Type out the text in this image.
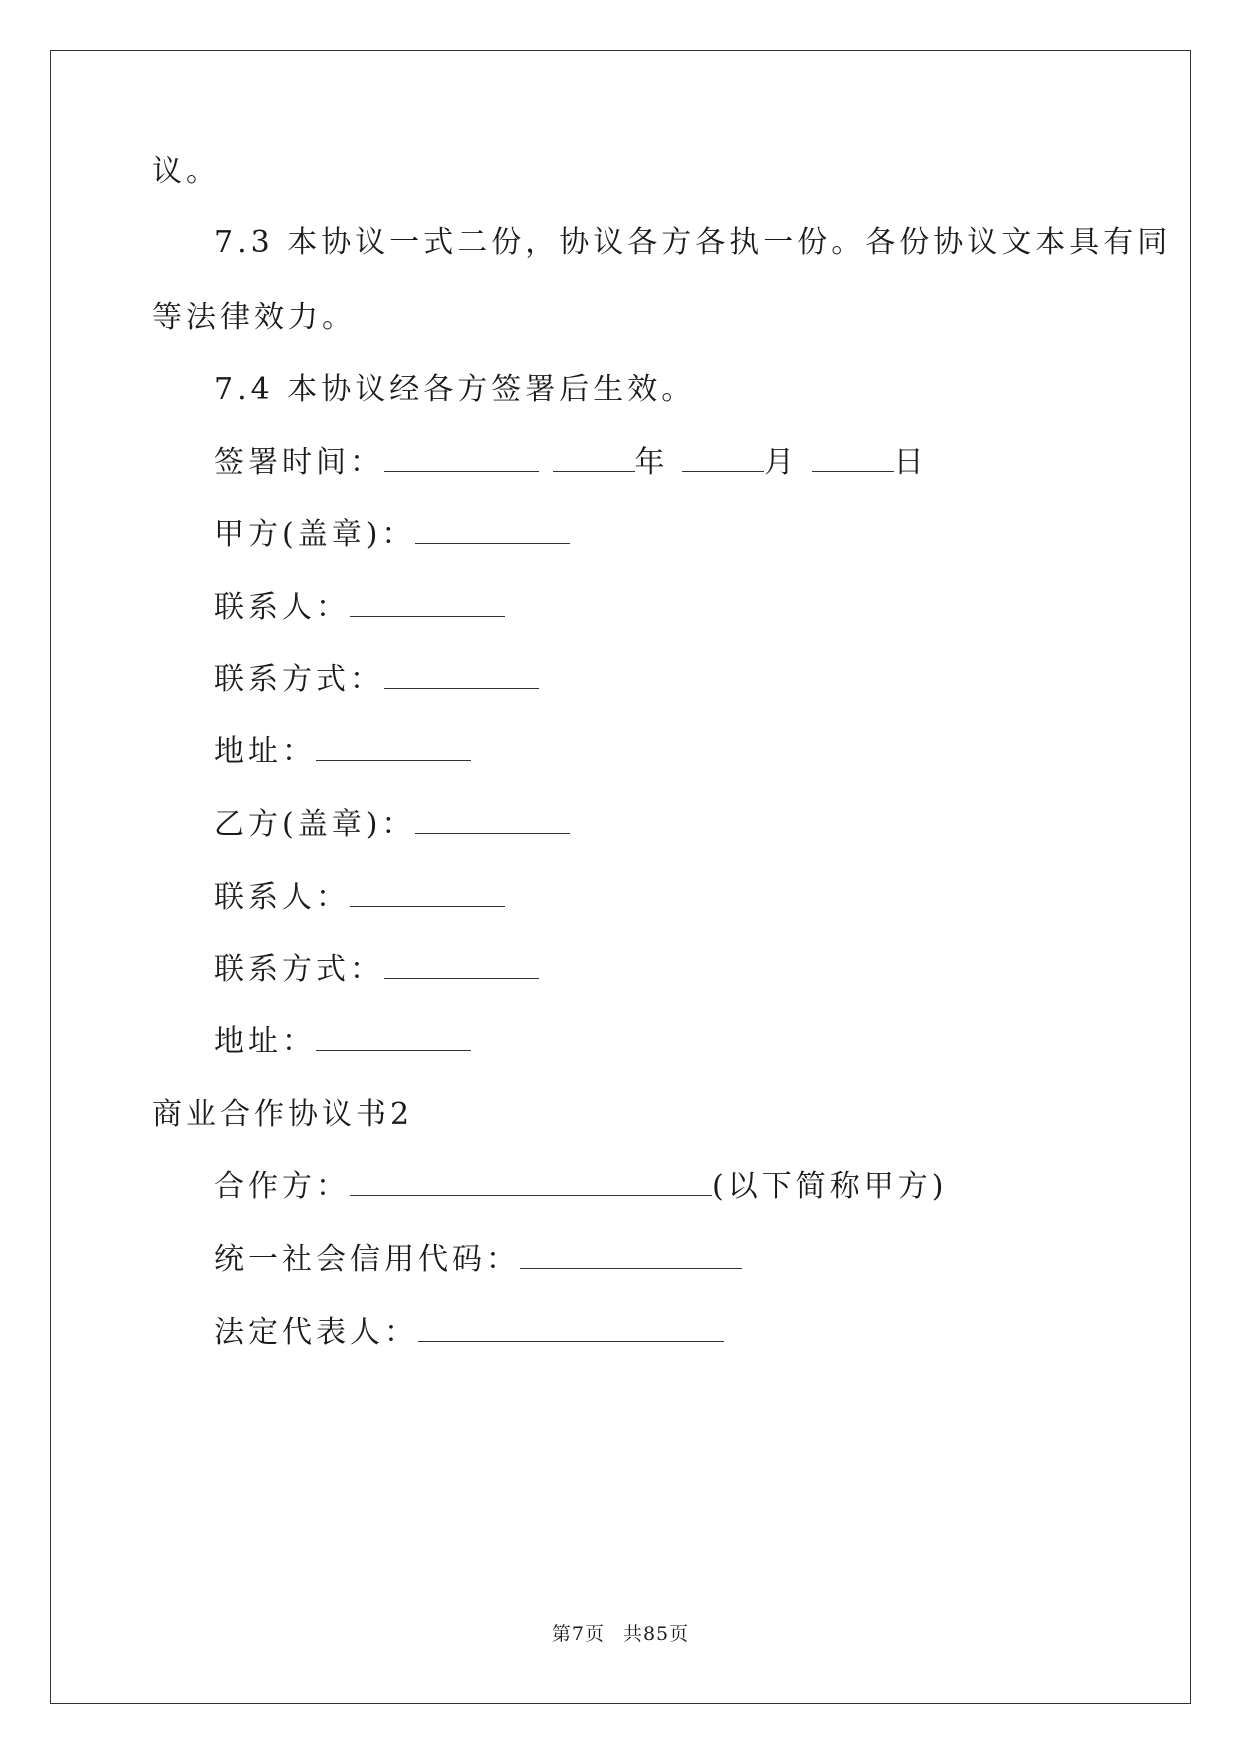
议。
7.3 本协议一式二份，协议各方各执一份。各份协议文本具有同
等法律效力。
7.4 本协议经各方签署后生效。
签署时间：	年	月	日
甲方(盖章)：
联系人：
联系方式：
地址：
乙方(盖章)：
联系人：
联系方式：
地址：
商业合作协议书2
合作方：	(以下简称甲方)
统一社会信用代码：
法定代表人：
第7页 共85页
